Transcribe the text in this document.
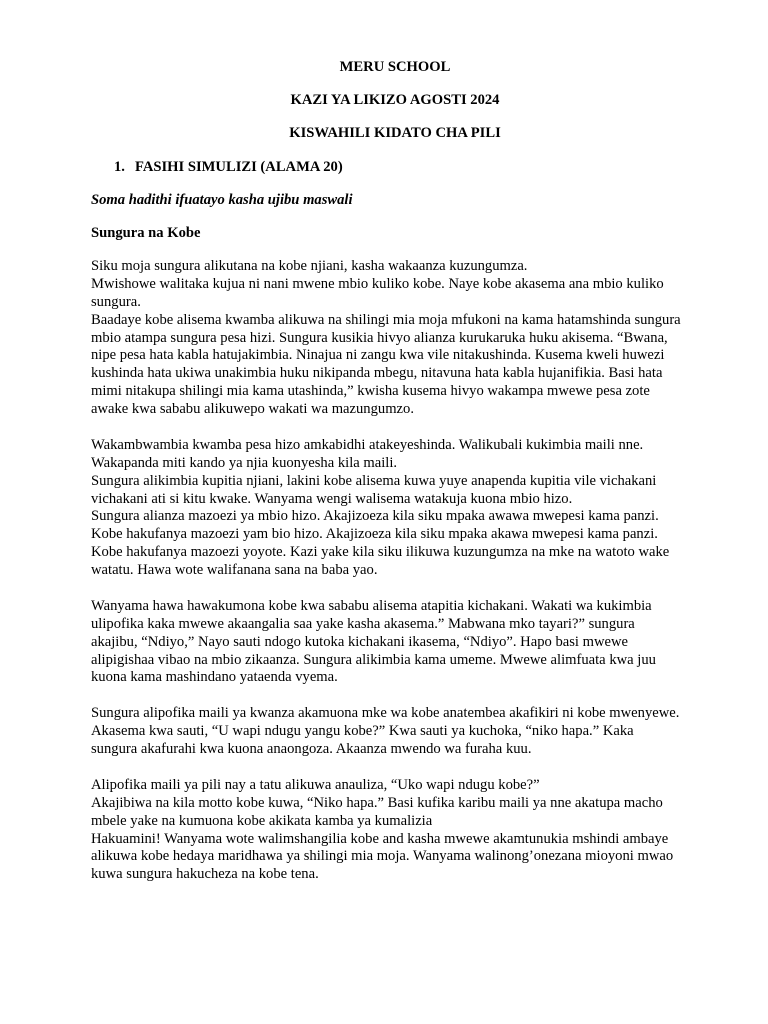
MERU SCHOOL
KAZI YA LIKIZO AGOSTI 2024
KISWAHILI KIDATO CHA PILI
1. FASIHI SIMULIZI (ALAMA 20)
Soma hadithi ifuatayo kasha ujibu maswali
Sungura na Kobe
Siku moja sungura alikutana na kobe njiani, kasha wakaanza kuzungumza.
Mwishowe walitaka kujua ni nani mwene mbio kuliko kobe. Naye kobe akasema ana mbio kuliko
sungura.
Baadaye kobe alisema kwamba alikuwa na shilingi mia moja mfukoni na kama hatamshinda sungura
mbio atampa sungura pesa hizi. Sungura kusikia hivyo alianza kurukaruka huku akisema. “Bwana,
nipe pesa hata kabla hatujakimbia. Ninajua ni zangu kwa vile nitakushinda. Kusema kweli huwezi
kushinda hata ukiwa unakimbia huku nikipanda mbegu, nitavuna hata kabla hujanifikia. Basi hata
mimi nitakupa shilingi mia kama utashinda,” kwisha kusema hivyo wakampa mwewe pesa zote
awake kwa sababu alikuwepo wakati wa mazungumzo.
Wakambwambia kwamba pesa hizo amkabidhi atakeyeshinda. Walikubali kukimbia maili nne.
Wakapanda miti kando ya njia kuonyesha kila maili.
Sungura alikimbia kupitia njiani, lakini kobe alisema kuwa yuye anapenda kupitia vile vichakani
vichakani ati si kitu kwake. Wanyama wengi walisema watakuja kuona mbio hizo.
Sungura alianza mazoezi ya mbio hizo. Akajizoeza kila siku mpaka awawa mwepesi kama panzi.
Kobe hakufanya mazoezi yam bio hizo. Akajizoeza kila siku mpaka akawa mwepesi kama panzi.
Kobe hakufanya mazoezi yoyote. Kazi yake kila siku ilikuwa kuzungumza na mke na watoto wake
watatu. Hawa wote walifanana sana na baba yao.
Wanyama hawa hawakumona kobe kwa sababu alisema atapitia kichakani. Wakati wa kukimbia
ulipofika kaka mwewe akaangalia saa yake kasha akasema.” Mabwana mko tayari?” sungura
akajibu, “Ndiyo,” Nayo sauti ndogo kutoka kichakani ikasema, “Ndiyo”. Hapo basi mwewe
alipigishaa vibao na mbio zikaanza. Sungura alikimbia kama umeme. Mwewe alimfuata kwa juu
kuona kama mashindano yataenda vyema.
Sungura alipofika maili ya kwanza akamuona mke wa kobe anatembea akafikiri ni kobe mwenyewe.
Akasema kwa sauti, “U wapi ndugu yangu kobe?” Kwa sauti ya kuchoka, “niko hapa.” Kaka
sungura akafurahi kwa kuona anaongoza. Akaanza mwendo wa furaha kuu.
Alipofika maili ya pili nay a tatu alikuwa anauliza, “Uko wapi ndugu kobe?”
Akajibiwa na kila motto kobe kuwa, “Niko hapa.” Basi kufika karibu maili ya nne akatupa macho
mbele yake na kumuona kobe akikata kamba ya kumalizia
Hakuamini! Wanyama wote walimshangilia kobe and kasha mwewe akamtunukia mshindi ambaye
alikuwa kobe hedaya maridhawa ya shilingi mia moja. Wanyama walinong’onezana mioyoni mwao
kuwa sungura hakucheza na kobe tena.
